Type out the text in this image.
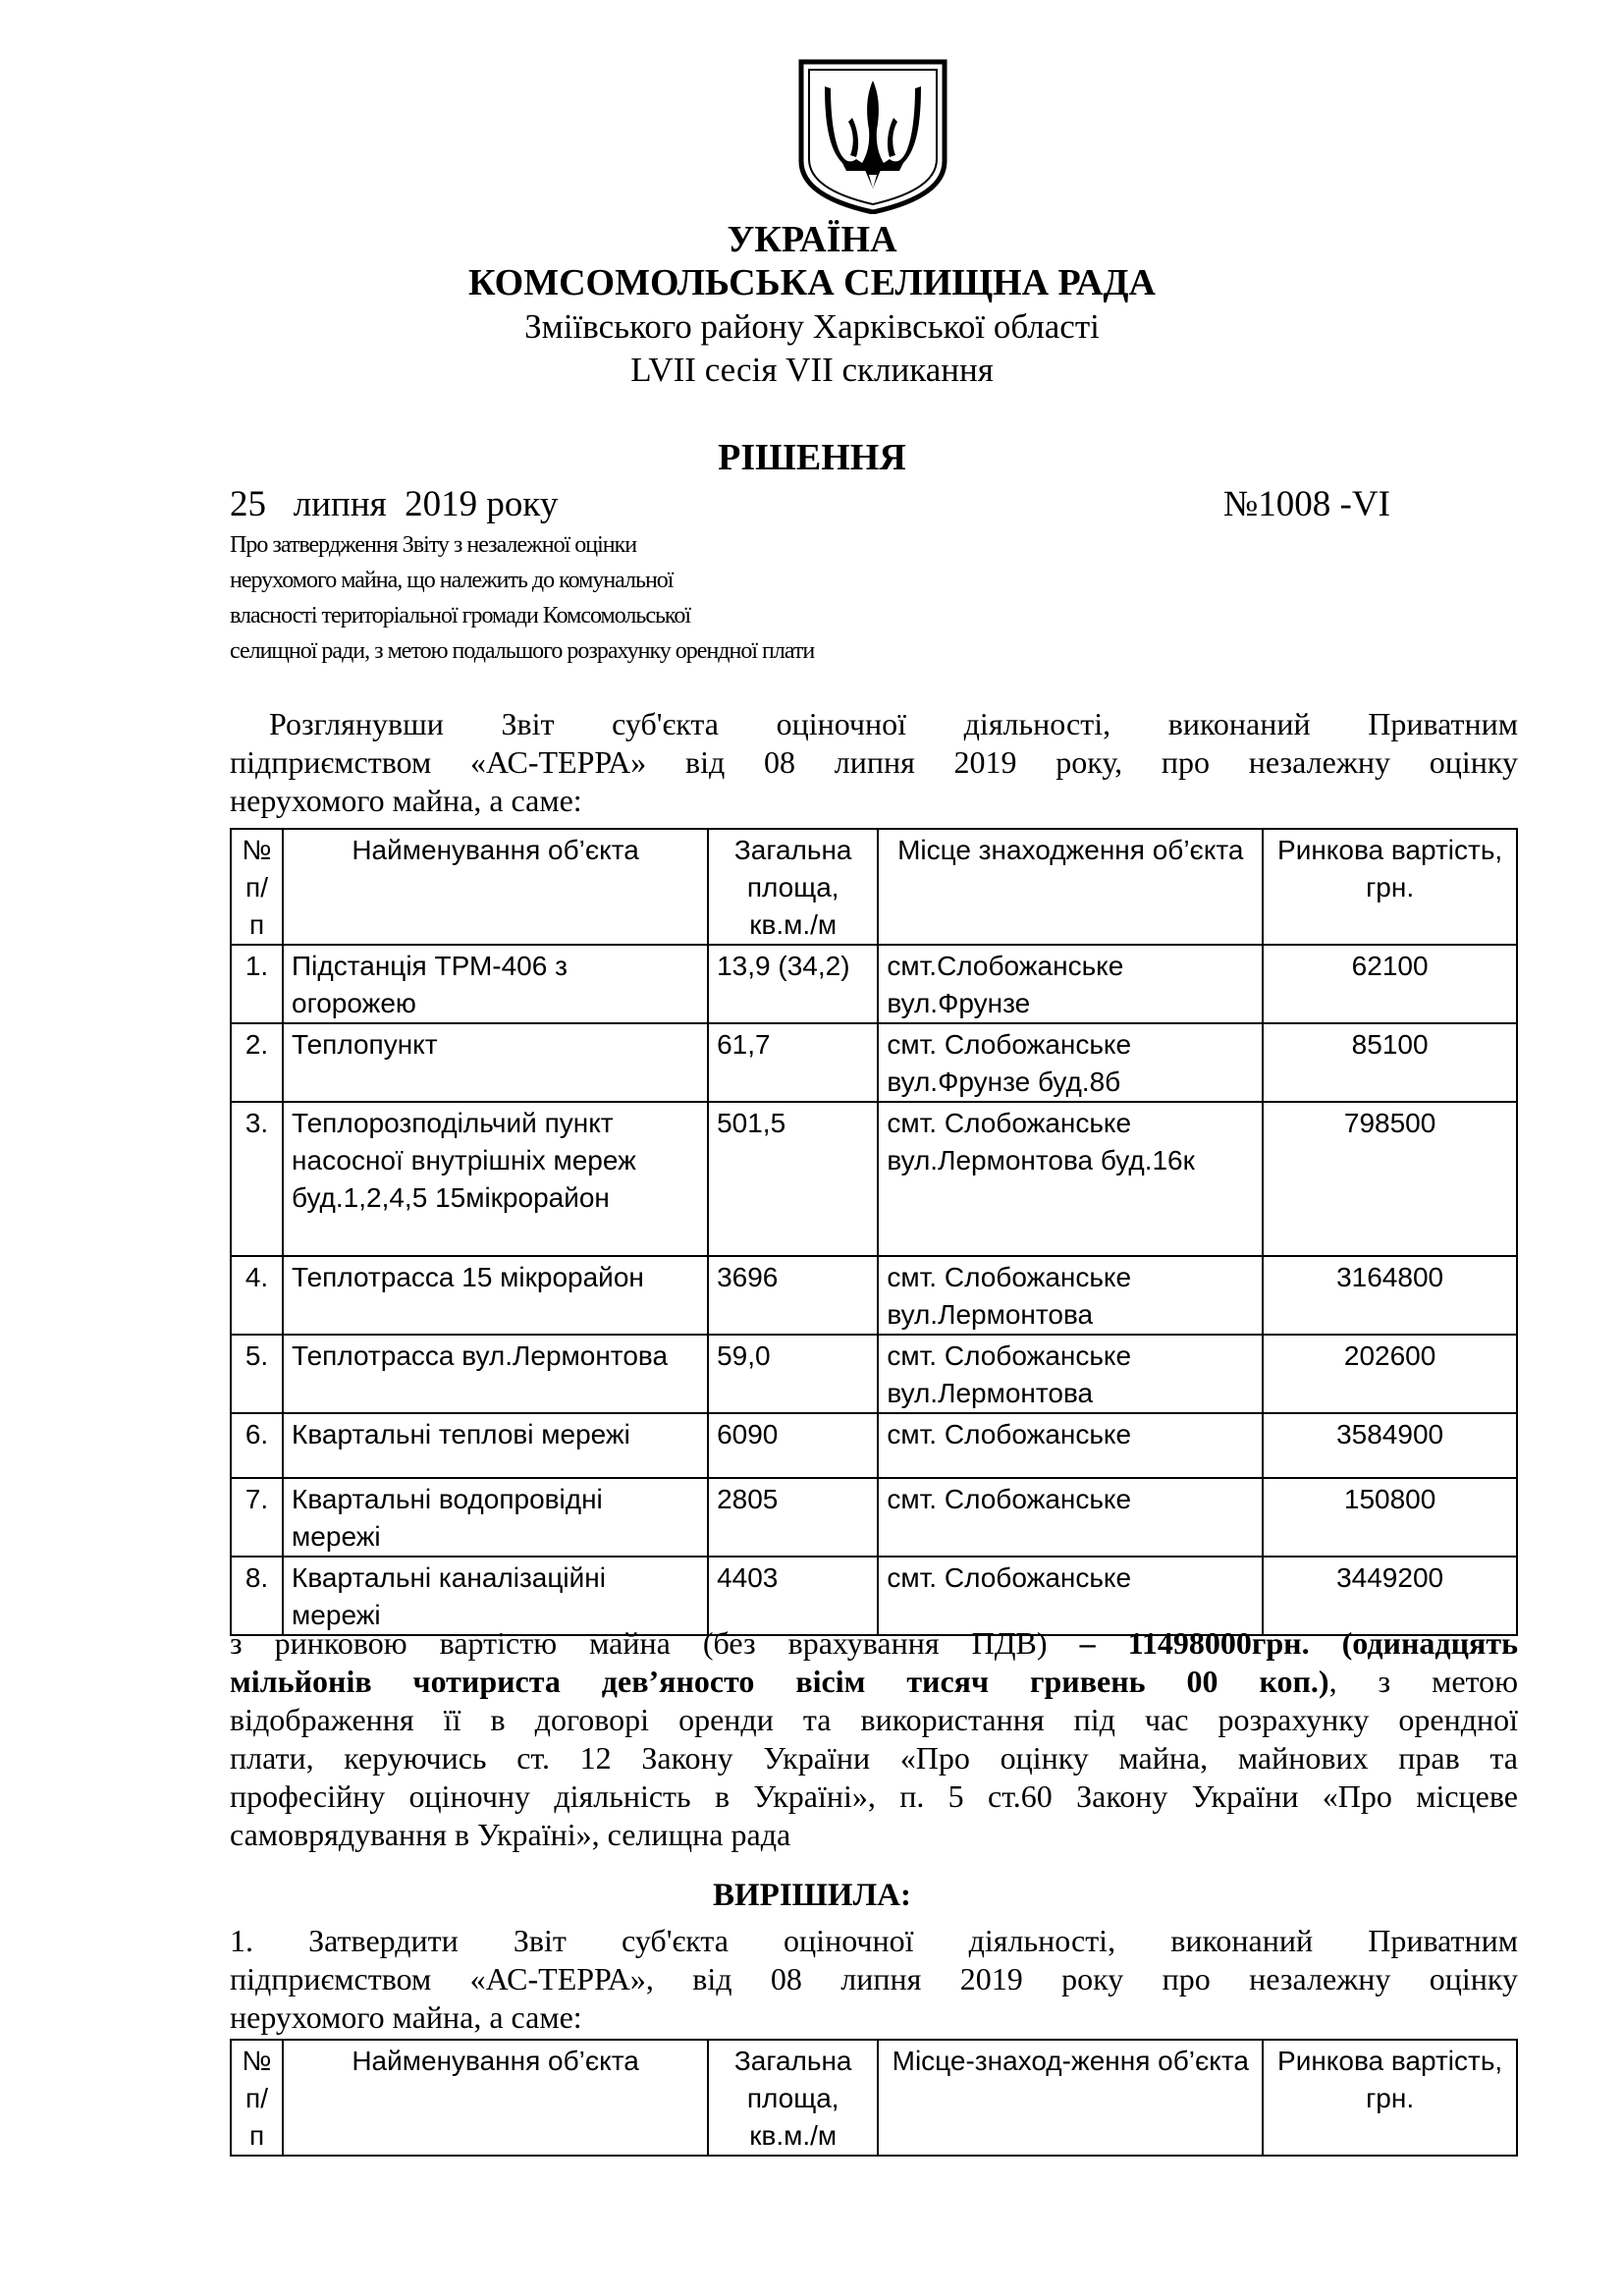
УКРАЇНА
КОМСОМОЛЬСЬКА СЕЛИЩНА РАДА
Зміївського району Харківської області
LVII сесія VII скликання
РІШЕННЯ
25   липня  2019 року	№1008 -VI
Про затвердження Звіту з незалежної оцінки
нерухомого майна, що належить до комунальної
власності територіальної громади Комсомольської
селищної ради, з метою подальшого розрахунку орендної плати
Розглянувши Звіт суб'єкта оціночної діяльності, виконаний Приватним
підприємством «АС-ТЕРРА» від 08 липня 2019 року, про незалежну оцінку
нерухомого майна, а саме:
№ п/п	Найменування об’єкта	Загальна площа, кв.м./м	Місце знаходження об’єкта	Ринкова вартість, грн.
1.	Підстанція ТРМ-406 з огорожею	13,9 (34,2)	смт.Слобожанське вул.Фрунзе	62100
2.	Теплопункт	61,7	смт. Слобожанське вул.Фрунзе буд.8б	85100
3.	Теплорозподільчий пункт насосної внутрішніх мереж буд.1,2,4,5 15мікрорайон	501,5	смт. Слобожанське вул.Лермонтова буд.16к	798500
4.	Теплотрасса 15 мікрорайон	3696	смт. Слобожанське вул.Лермонтова	3164800
5.	Теплотрасса вул.Лермонтова	59,0	смт. Слобожанське вул.Лермонтова	202600
6.	Квартальні теплові мережі	6090	смт. Слобожанське	3584900
7.	Квартальні водопровідні мережі	2805	смт. Слобожанське	150800
8.	Квартальні каналізаційні мережі	4403	смт. Слобожанське	3449200
з ринковою вартістю майна (без врахування ПДВ) – 11498000грн. (одинадцять
мільйонів чотириста дев’яносто вісім тисяч гривень 00 коп.), з метою
відображення її в договорі оренди та використання під час розрахунку орендної
плати, керуючись ст. 12 Закону України «Про оцінку майна, майнових прав та
професійну оціночну діяльність в Україні», п. 5 ст.60 Закону України «Про місцеве
самоврядування в Україні», селищна рада
ВИРІШИЛА:
1. Затвердити Звіт суб'єкта оціночної діяльності, виконаний Приватним
підприємством «АС-ТЕРРА», від 08 липня 2019 року про незалежну оцінку
нерухомого майна, а саме:
№ п/п	Найменування об’єкта	Загальна площа, кв.м./м	Місце-знаход-ження об’єкта	Ринкова вартість, грн.
